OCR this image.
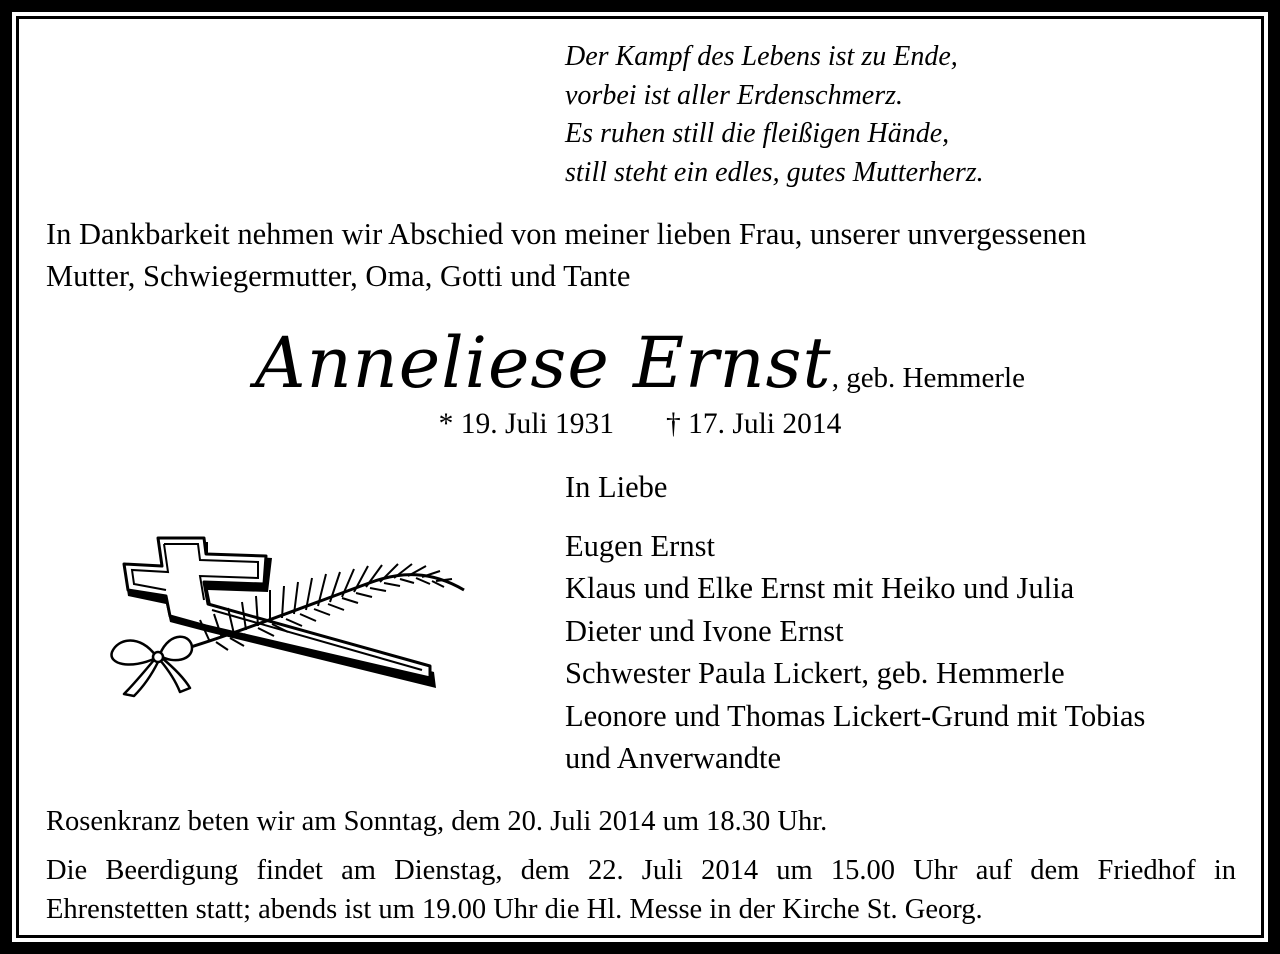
Der Kampf des Lebens ist zu Ende,
vorbei ist aller Erdenschmerz.
Es ruhen still die fleißigen Hände,
still steht ein edles, gutes Mutterherz.
In Dankbarkeit nehmen wir Abschied von meiner lieben Frau, unserer unvergessenen
Mutter, Schwiegermutter, Oma, Gotti und Tante
Anneliese Ernst, geb. Hemmerle
* 19. Juli 1931 † 17. Juli 2014
In Liebe
Eugen Ernst
Klaus und Elke Ernst mit Heiko und Julia
Dieter und Ivone Ernst
Schwester Paula Lickert, geb. Hemmerle
Leonore und Thomas Lickert-Grund mit Tobias
und Anverwandte
Rosenkranz beten wir am Sonntag, dem 20. Juli 2014 um 18.30 Uhr.
Die Beerdigung findet am Dienstag, dem 22. Juli 2014 um 15.00 Uhr auf dem Friedhof in
Ehrenstetten statt; abends ist um 19.00 Uhr die Hl. Messe in der Kirche St. Georg.
